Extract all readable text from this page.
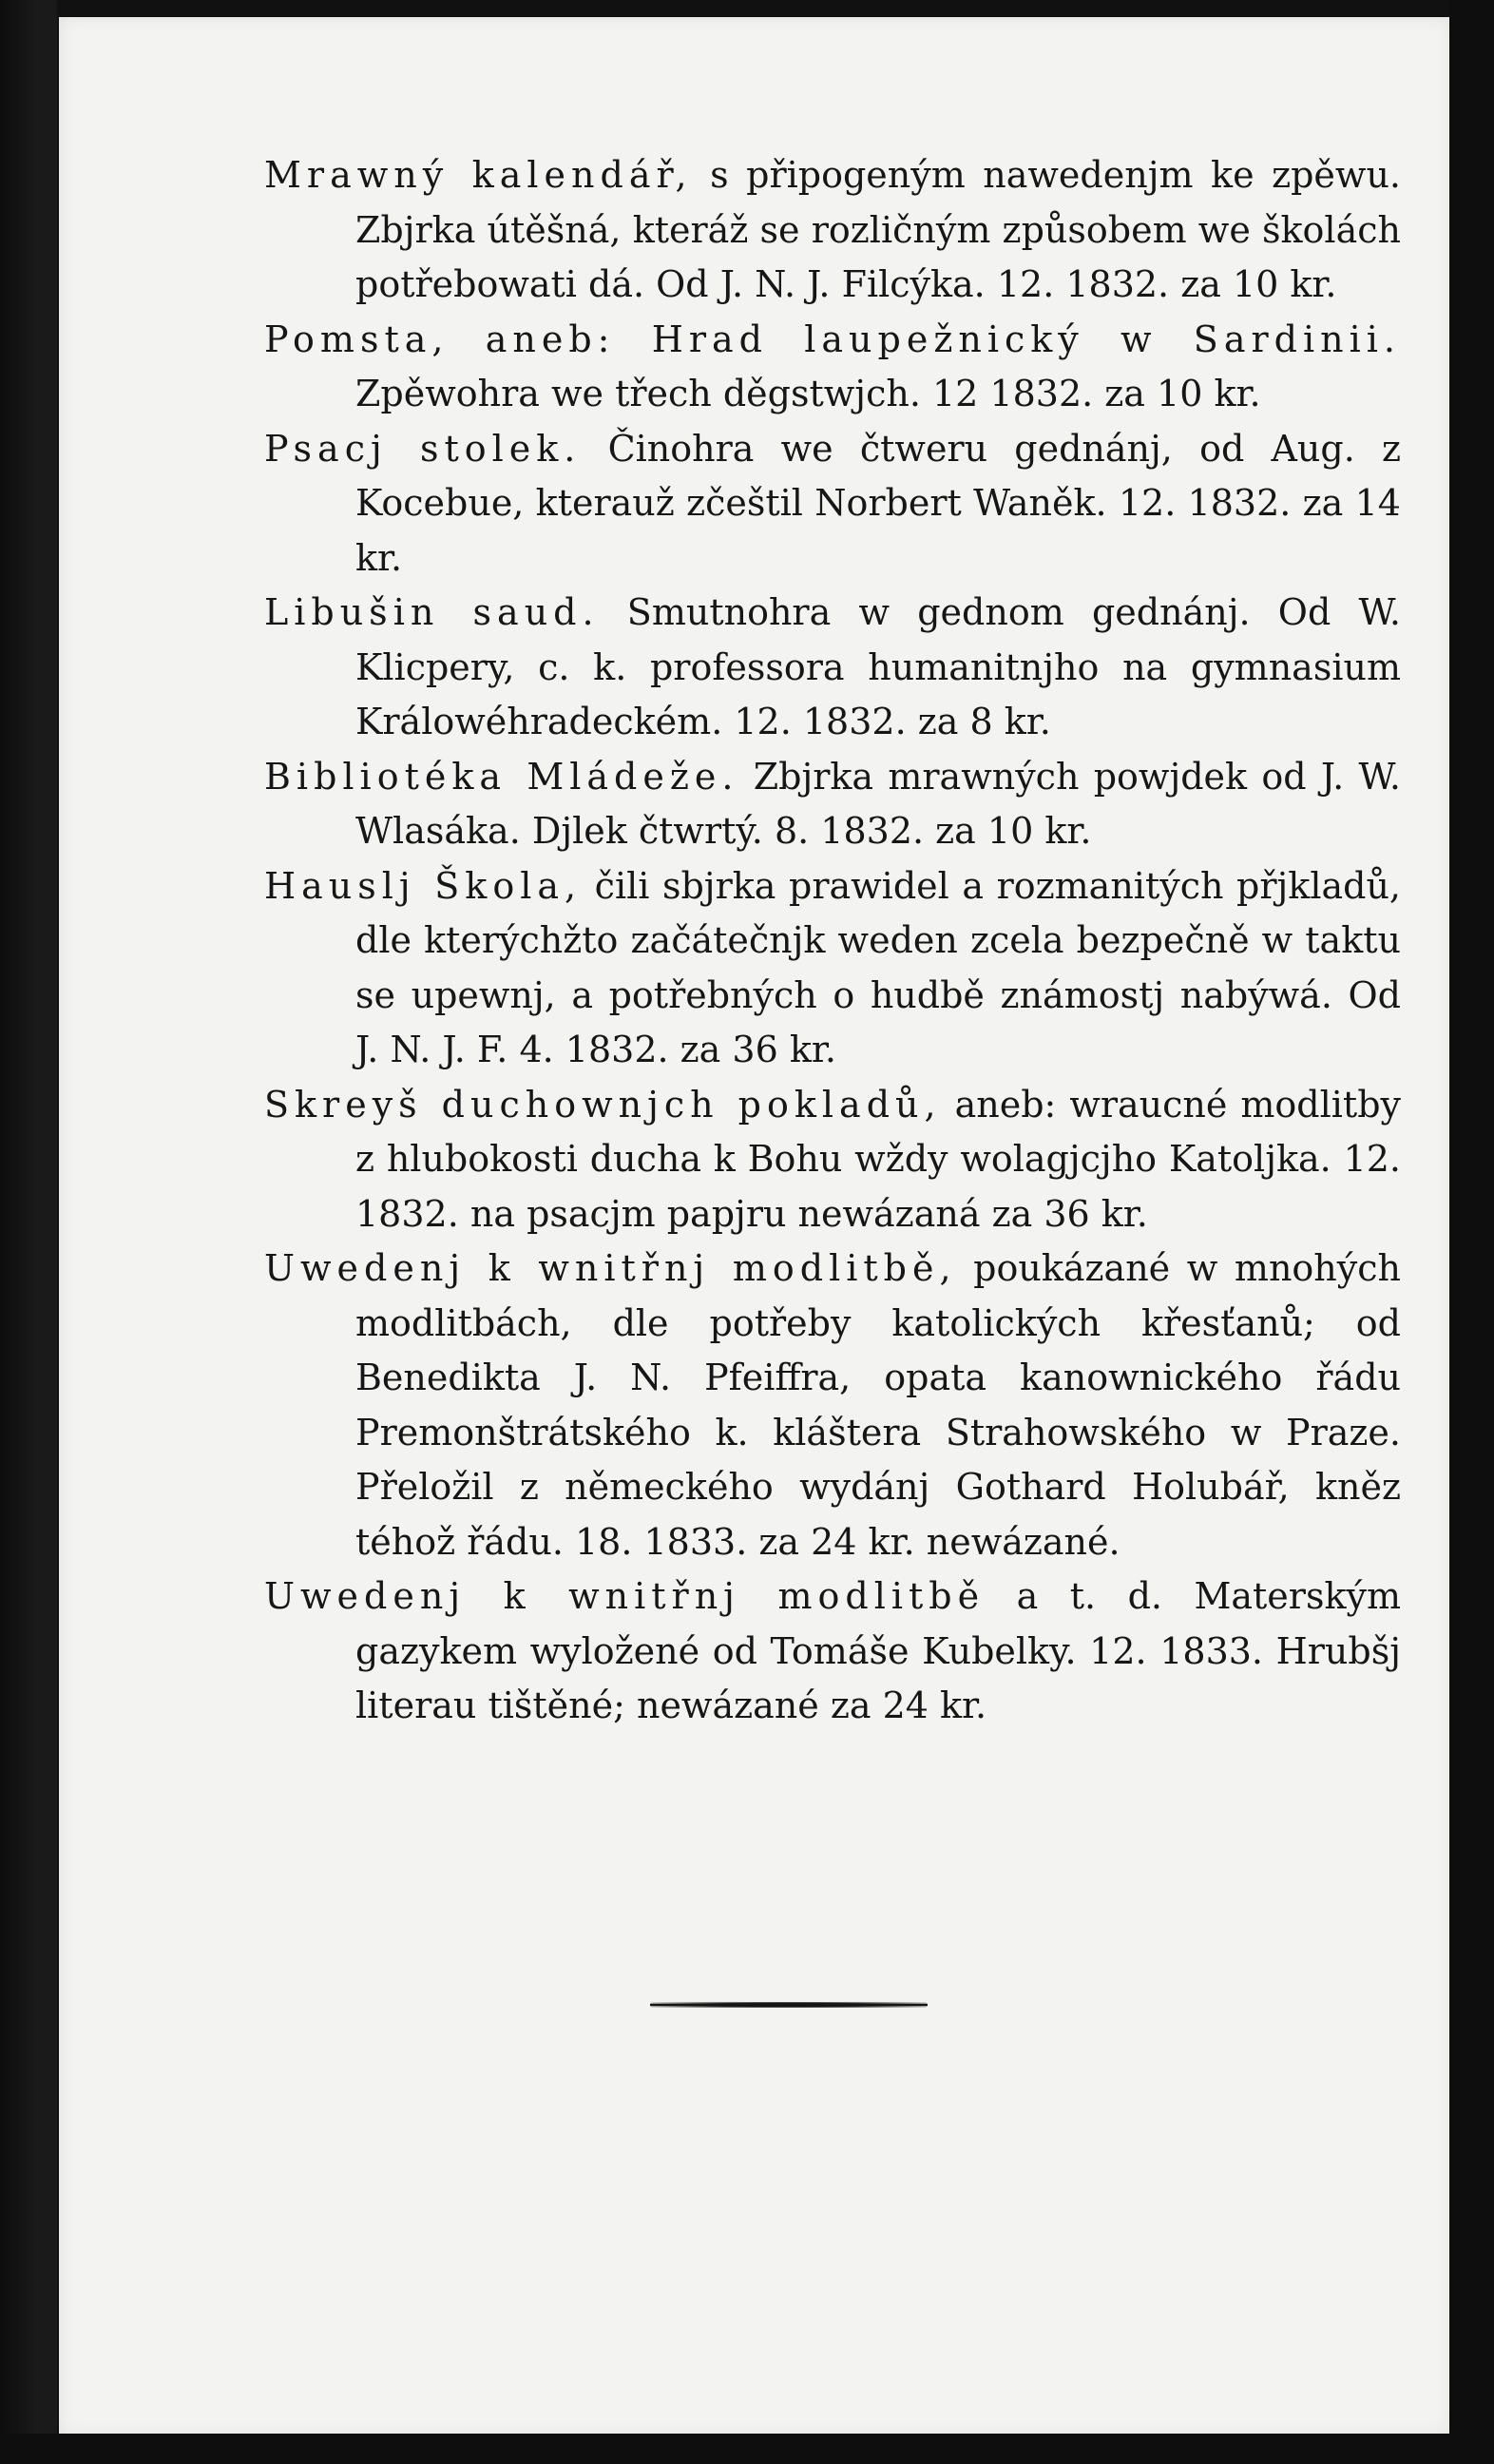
Mrawný kalendář, s připogeným nawedenjm ke zpěwu. Zbjrka útěšná, kteráž se rozličným způsobem we školách potřebowati dá. Od J. N. J. Filcýka. 12. 1832. za 10 kr.

Pomsta, aneb: Hrad laupežnický w Sardinii. Zpěwohra we třech děgstwjch. 12 1832. za 10 kr.

Psacj stolek. Činohra we čtweru gednánj, od Aug. z Kocebue, kterauž zčeštil Norbert Waněk. 12. 1832. za 14 kr.

Libušin saud. Smutnohra w gednom gednánj. Od W. Klicpery, c. k. professora humanitnjho na gymnasium Králowéhradeckém. 12. 1832. za 8 kr.

Bibliotéka Mládeže. Zbjrka mrawných powjdek od J. W. Wlasáka. Djlek čtwrtý. 8. 1832. za 10 kr.

Hauslj Škola, čili sbjrka prawidel a rozmanitých přjkladů, dle kterýchžto začátečnjk weden zcela bezpečně w taktu se upewnj, a potřebných o hudbě známostj nabýwá. Od J. N. J. F. 4. 1832. za 36 kr.

Skreyš duchownjch pokladů, aneb: wraucné modlitby z hlubokosti ducha k Bohu wždy wolagjcjho Katoljka. 12. 1832. na psacjm papjru newázaná za 36 kr.

Uwedenj k wnitřnj modlitbě, poukázané w mnohých modlitbách, dle potřeby katolických křesťanů; od Benedikta J. N. Pfeiffra, opata kanownického řádu Premonštrátského k. kláštera Strahowského w Praze. Přeložil z německého wydánj Gothard Holubář, kněz téhož řádu. 18. 1833. za 24 kr. newázané.

Uwedenj k wnitřnj modlitbě a t. d. Materským gazykem wyložené od Tomáše Kubelky. 12. 1833. Hrubšj literau tištěné; newázané za 24 kr.
